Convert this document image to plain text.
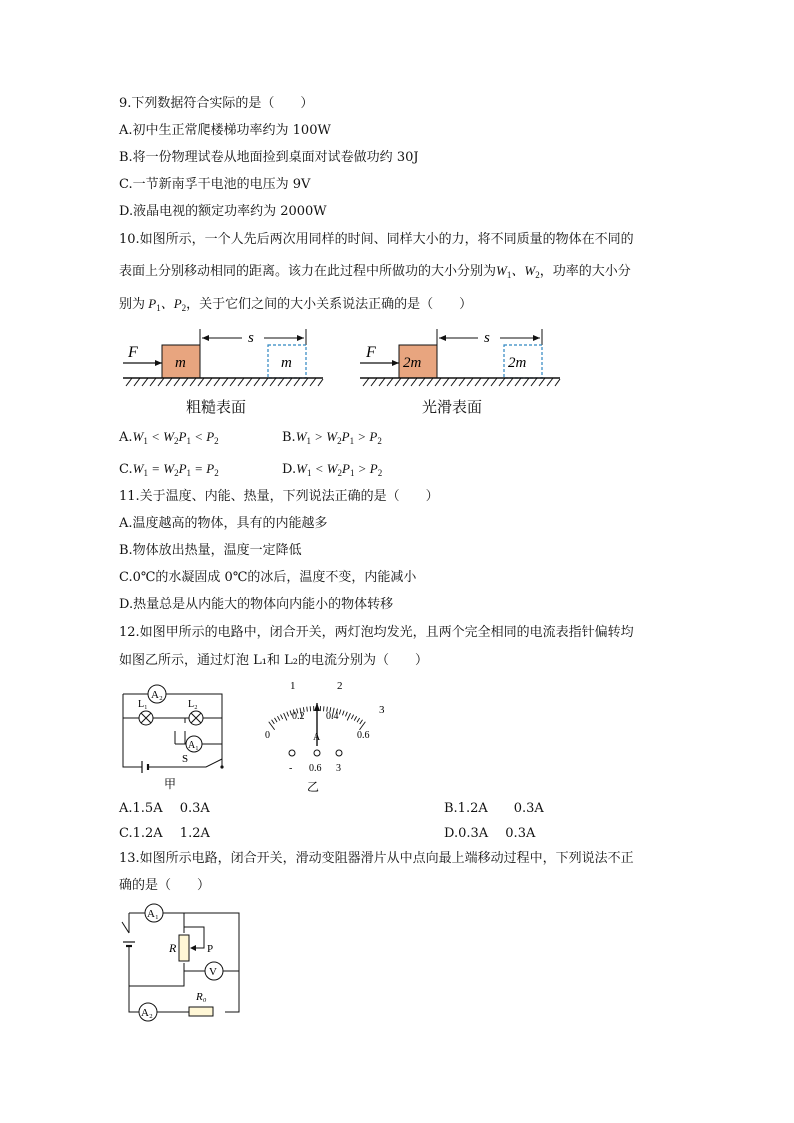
9.下列数据符合实际的是（　　）
A.初中生正常爬楼梯功率约为 100W
B.将一份物理试卷从地面捡到桌面对试卷做功约 30J
C.一节新南孚干电池的电压为 9V
D.液晶电视的额定功率约为 2000W
10.如图所示，一个人先后两次用同样的时间、同样大小的力，将不同质量的物体在不同的
表面上分别移动相同的距离。该力在此过程中所做功的大小分别为$W_1$、$W_2$，功率的大小分
别为 $P_1$、$P_2$，关于它们之间的大小关系说法正确的是（　　）
F
m
s
m
F
2m
s
2m
粗糙表面	光滑表面
$A.W_1 < W_2P_1 < P_2$	$B.W_1 > W_2P_1 > P_2$
$C.W_1 = W_2P_1 = P_2$	$D.W_1 < W_2P_1 > P_2$
11.关于温度、内能、热量，下列说法正确的是（　　）
A.温度越高的物体，具有的内能越多
B.物体放出热量，温度一定降低
C.0℃的水凝固成 0℃的冰后，温度不变，内能减小
D.热量总是从内能大的物体向内能小的物体转移
12.如图甲所示的电路中，闭合开关，两灯泡均发光，且两个完全相同的电流表指针偏转均
如图乙所示，通过灯泡 L₁和 L₂的电流分别为（　　）
A₂
L₁	L₂
A₁
S
甲
1	2
3
0
0.2 0.4
0.6
A
- 0.6 3
乙
A.1.5A　 0.3A	B.1.2A　　0.3A
C.1.2A　 1.2A	D.0.3A　 0.3A
13.如图所示电路，闭合开关，滑动变阻器滑片从中点向最上端移动过程中，下列说法不正
确的是（　　）
A₁
R	P
V
R₀
A₂
